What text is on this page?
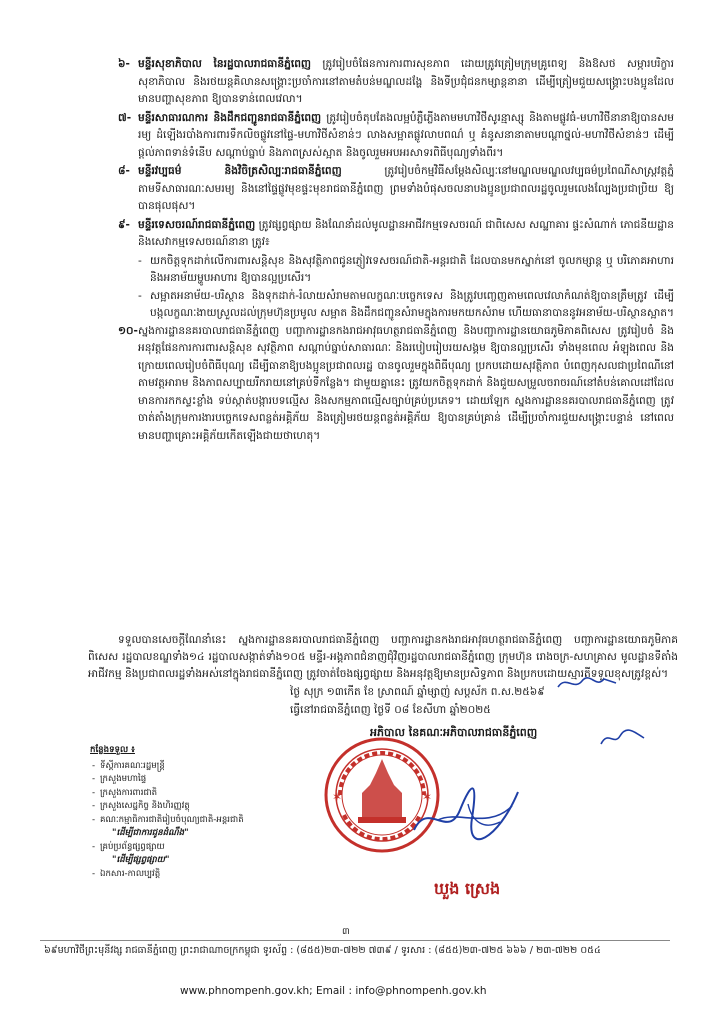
៦- មន្ទីរសុខាភិបាល នៃរដ្ឋបាលរាជធានីភ្នំពេញ ត្រូវរៀបចំផែនការការពារសុខភាព ដោយត្រូវត្រៀមក្រុមគ្រូពេទ្យ និងឱសថ សម្ភារបរិក្ខារសុខាភិបាល និងរថយន្តគិលានសង្គ្រោះប្រចាំការនៅតាមតំបន់មណ្ឌលដង្ហែ និងទីប្រជុំជនកម្សាន្តនានា ដើម្បីត្រៀមជួយសង្គ្រោះបងប្អូនដែលមានបញ្ហាសុខភាព ឱ្យបានទាន់ពេលវេលា។
៧- មន្ទីរសាធារណការ និងដឹកជញ្ជូនរាជធានីភ្នំពេញ ត្រូវរៀបចំតុបតែងលម្អបំភ្លឺភ្លើងតាមមហាវិថីសូរន្មាស្សុ និងតាមផ្លូវធំ-មហាវិថីនានាឱ្យបានសមរម្យ ដំឡើងរបាំងការពារទឹកលិចផ្លូវនៅផ្ទៃ-មហាវិថីសំខាន់ៗ លាងសម្អាតផ្លូវលាបពណ៌ ឬ គំនូសនានាតាមបណ្ដាថ្នល់-មហាវិថីសំខាន់ៗ ដើម្បីផ្ដល់ភាពទាន់ទំនើប សណ្ដាប់ធ្នាប់ និងភាពស្រស់ស្អាត និងចូលរួមអបអរសាទរពិធីបុណ្យទាំងពីរ។
៨- មន្ទីរវប្បធម៌ និងវិចិត្រសិល្បៈរាជធានីភ្នំពេញ	ត្រូវរៀបចំកម្មវិធីសម្ដែងសិល្បៈនៅមណ្ឌលមណ្ឌលវប្បធម៌ប្រពៃណីសាស្ត្រវត្តភ្នំ តាមទីសាធារណៈសមរម្យ និងនៅផ្ទៃផ្លូវមុខផ្ទះមុខរាជធានីភ្នំពេញ ព្រមទាំងបំផុសចលនាបងប្អូនប្រជាពលរដ្ឋចូលរួមលេងល្បែងប្រជាប្រិយ ឱ្យបានផុលផុស។
៩- មន្ទីរទេសចរណ៍រាជធានីភ្នំពេញ ត្រូវផ្សព្វផ្សាយ និងណែនាំដល់មូលដ្ឋានអាជីវកម្មទេសចរណ៍ ជាពិសេស សណ្ឋាគារ ផ្ទះសំណាក់ ភោជនីយដ្ឋាន និងសេវាកម្មទេសចរណ៍នានា ត្រូវ៖
- យកចិត្តទុកដាក់លើការពារសន្តិសុខ និងសុវត្ថិភាពជូនភ្ញៀវទេសចរណ៍ជាតិ-អន្តរជាតិ ដែលបានមកស្នាក់នៅ ចូលកម្សាន្ត ឬ បរិភោគអាហារ និងអនាម័យម្ហូបអាហារ ឱ្យបានល្អប្រសើរ។
- សម្អាតអនាម័យ-បរិស្ថាន និងទុកដាក់-រំលាយសំរាមតាមលក្ខណៈបច្ចេកទេស និងត្រូវបញ្ចេញតាមពេលវេលាកំណត់ឱ្យបានត្រឹមត្រូវ ដើម្បីបង្កលក្ខណៈងាយស្រួលដល់ក្រុមហ៊ុនប្រមូល សម្អាត និងដឹកជញ្ជូនសំរាមក្នុងការមកយកសំរាម ហើយធានាបាននូវអនាម័យ-បរិស្ថានស្អាត។
១០- ស្នងការដ្ឋាននគរបាលរាជធានីភ្នំពេញ បញ្ជាការដ្ឋានកងរាជអាវុធហត្ថរាជធានីភ្នំពេញ និងបញ្ជាការដ្ឋានយោធភូមិភាគពិសេស ត្រូវរៀបចំ និងអនុវត្តផែនការការពារសន្តិសុខ សុវត្ថិភាព សណ្ដាប់ធ្នាប់សាធារណៈ និងរបៀបរៀបរយសង្គម ឱ្យបានល្អប្រសើរ ទាំងមុនពេល អំឡុងពេល និងក្រោយពេលរៀបចំពិធីបុណ្យ ដើម្បីធានាឱ្យបងប្អូនប្រជាពលរដ្ឋ បានចូលរួមក្នុងពិធីបុណ្យ ប្រកបដោយសុវត្ថិភាព បំពេញកុសលជាប្រពៃណីនៅតាមវត្តអារាម និងភាពសប្បាយរីករាយនៅគ្រប់ទីកន្លែង។ ជាមួយគ្នានេះ ត្រូវយកចិត្តទុកដាក់ និងជួយសម្រួលចរាចរណ៍នៅតំបន់គោលដៅដែលមានការកកស្ទះខ្លាំង ទប់ស្កាត់បង្ការបទល្មើស និងសកម្មភាពល្មើសច្បាប់គ្រប់ប្រភេទ។ ដោយឡែក ស្នងការដ្ឋាននគរបាលរាជធានីភ្នំពេញ ត្រូវចាត់តាំងក្រុមការងារបច្ចេកទេសពន្លត់អគ្គិភ័យ និងត្រៀមរថយន្តពន្លត់អគ្គិភ័យ ឱ្យបានគ្រប់គ្រាន់ ដើម្បីប្រចាំការជួយសង្គ្រោះបន្ទាន់ នៅពេលមានបញ្ហាគ្រោះអគ្គិភ័យកើតឡើងជាយថាហេតុ។
ទទួលបានសេចក្ដីណែនាំនេះ ស្នងការដ្ឋាននគរបាលរាជធានីភ្នំពេញ បញ្ជាការដ្ឋានកងរាជអាវុធហត្ថរាជធានីភ្នំពេញ បញ្ជាការដ្ឋានយោធភូមិភាគពិសេស រដ្ឋបាលខណ្ឌទាំង១៤ រដ្ឋបាលសង្កាត់ទាំង១០៥ មន្ទីរ-អង្គភាពជំនាញជុំវិញរដ្ឋបាលរាជធានីភ្នំពេញ ក្រុមហ៊ុន រោងចក្រ-សហគ្រាស មូលដ្ឋានទីតាំងអាជីវកម្ម និងប្រជាពលរដ្ឋទាំងអស់នៅក្នុងរាជធានីភ្នំពេញ ត្រូវចាត់ចែងផ្សព្វផ្សាយ និងអនុវត្តឱ្យមានប្រសិទ្ធភាព និងប្រកបដោយស្មារតីទទួលខុសត្រូវខ្ពស់។
ថ្ងៃ សុក្រ ១៣កើត ខែ ស្រាពណ៍ ឆ្នាំម្សាញ់ សប្ដស័ក ព.ស.២៥៦៩
ធ្វើនៅរាជធានីភ្នំពេញ ថ្ងៃទី ០៨ ខែសីហា ឆ្នាំ២០២៥
អភិបាល នៃគណៈអភិបាលរាជធានីភ្នំពេញ
កន្លែងទទួល ៖
- ទីស្ដីការគណៈរដ្ឋមន្ត្រី
- ក្រសួងមហាផ្ទៃ
- ក្រសួងការពារជាតិ
- ក្រសួងសេដ្ឋកិច្ច និងហិរញ្ញវត្ថុ
- គណៈកម្មាធិការជាតិរៀបចំបុណ្យជាតិ-អន្តរជាតិ
"ដើម្បីជាការជូនដំណឹង"
- គ្រប់ប្រព័ន្ធផ្សព្វផ្សាយ
"ដើម្បីផ្សព្វផ្សាយ"
- ឯកសារ-កាលប្បវត្តិ
✶	✶
ឃួង ស្រេង
៣
៦៩មហាវិថីព្រះមុនីវង្ស រាជធានីភ្នំពេញ ព្រះរាជាណាចក្រកម្ពុជា ទូរស័ព្ទ : (៨៥៥)២៣-៧២២ ៧៣៩ / ទូរសារ : (៨៥៥)២៣-៧២៥ ៦៦៦ / ២៣-៧២២ ០៥៤
www.phnompenh.gov.kh; Email : info@phnompenh.gov.kh
